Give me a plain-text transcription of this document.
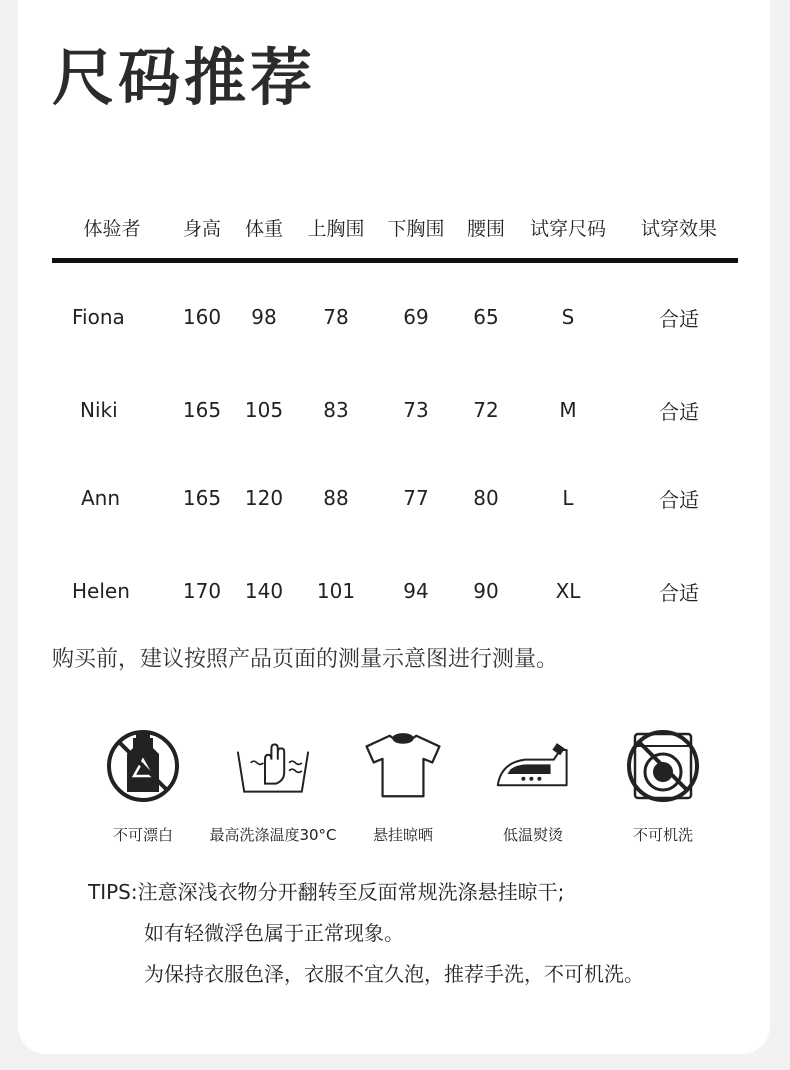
尺码推荐
体验者	身高	体重	上胸围	下胸围	腰围	试穿尺码	试穿效果
Fiona	160	98	78	69	65	S	合适
Niki	165	105	83	73	72	M	合适
Ann	165	120	88	77	80	L	合适
Helen	170	140	101	94	90	XL	合适
购买前，建议按照产品页面的测量示意图进行测量。
不可漂白 最高洗涤温度30°C 悬挂晾晒	低温熨烫	不可机洗
TIPS:注意深浅衣物分开翻转至反面常规洗涤悬挂晾干;
如有轻微浮色属于正常现象。
为保持衣服色泽，衣服不宜久泡，推荐手洗，不可机洗。
